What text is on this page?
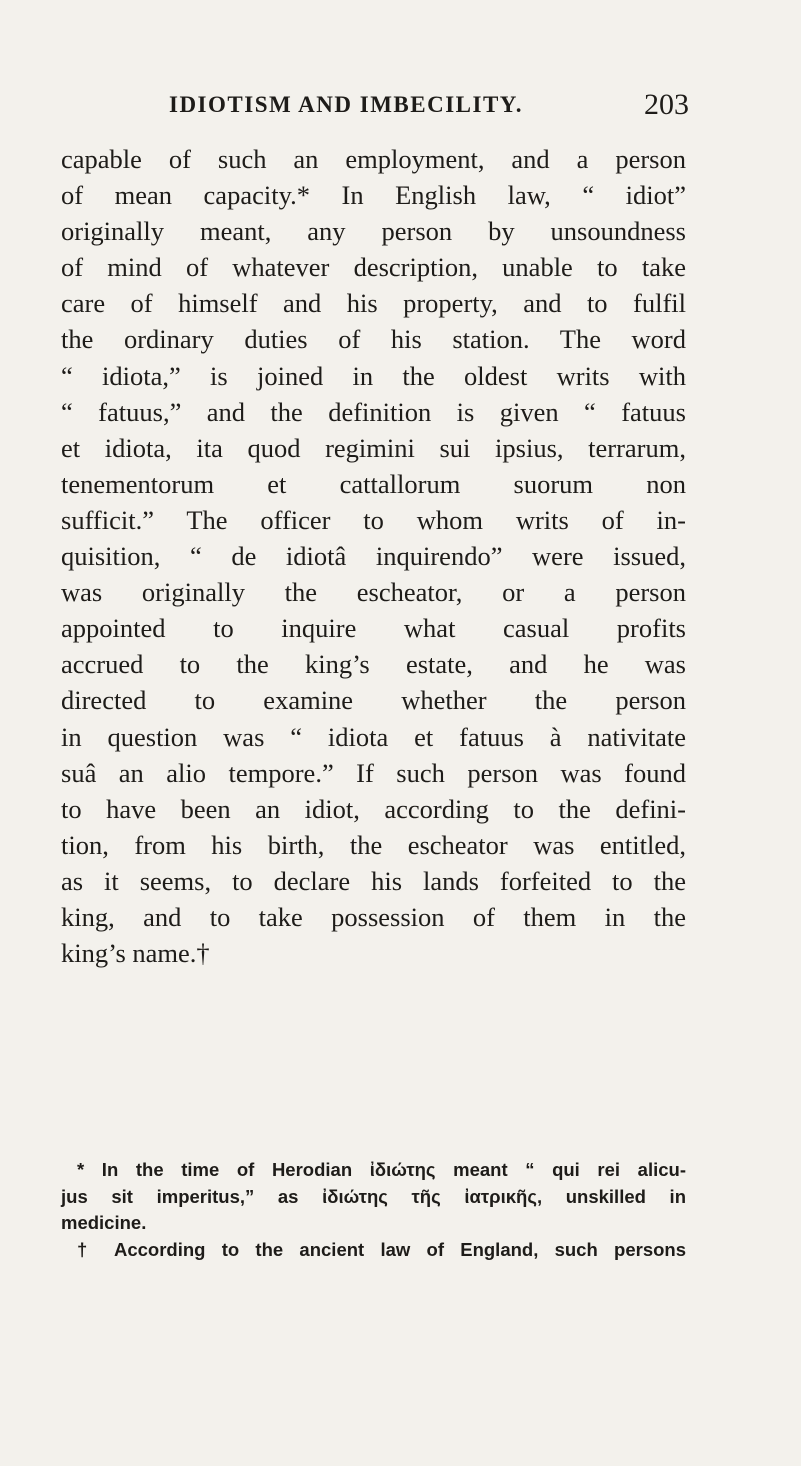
IDIOTISM AND IMBECILITY.	203
capable of such an employment, and a person
of mean capacity.* In English law, “ idiot”
originally meant, any person by unsoundness
of mind of whatever description, unable to take
care of himself and his property, and to fulfil
the ordinary duties of his station. The word
“ idiota,” is joined in the oldest writs with
“ fatuus,” and the definition is given “ fatuus
et idiota, ita quod regimini sui ipsius, terrarum,
tenementorum et cattallorum suorum non
sufficit.” The officer to whom writs of in-
quisition, “ de idiotâ inquirendo” were issued,
was originally the escheator, or a person
appointed to inquire what casual profits
accrued to the king’s estate, and he was
directed to examine whether the person
in question was “ idiota et fatuus à nativitate
suâ an alio tempore.” If such person was found
to have been an idiot, according to the defini-
tion, from his birth, the escheator was entitled,
as it seems, to declare his lands forfeited to the
king, and to take possession of them in the
king’s name.†
* In the time of Herodian ἰδιώτης meant “ qui rei alicu-
jus sit imperitus,” as ἰδιώτης τῆς ἰατρικῆς, unskilled in
medicine.
† According to the ancient law of England, such persons
